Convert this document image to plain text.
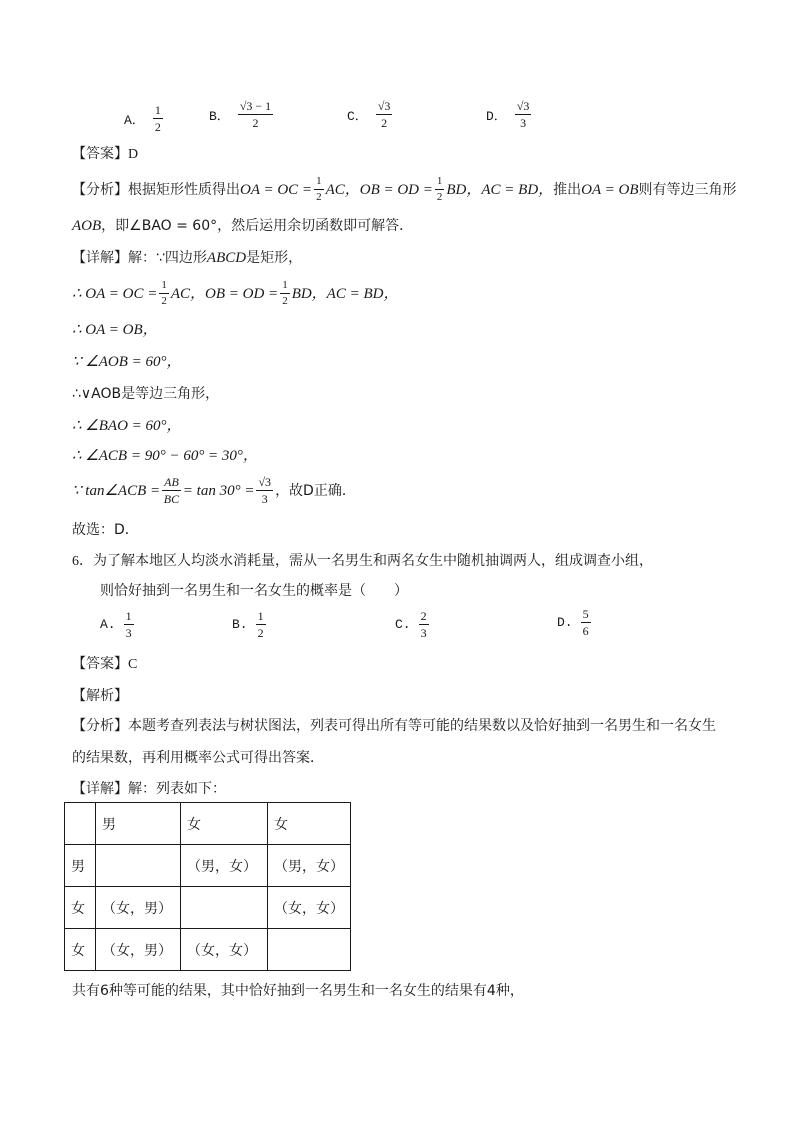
A． $\frac{1}{2}$	B． $\frac{√3 - 1}{2}$	C． $\frac{√3}{2}$	D． $\frac{√3}{3}$
【答案】D
【分析】 根据矩形性质得出 OA = OC = $\frac{1}{2}$ AC，OB = OD = $\frac{1}{2}$ BD，AC = BD， 推出 OA = OB 则有等边三角形
AOB，即∠BAO = 60°，然后运用余切函数即可解答．
【详解】解：∵四边形ABCD是矩形，
∴ OA = OC = $\frac{1}{2}$ AC，OB = OD = $\frac{1}{2}$ BD，AC = BD，
∴ OA = OB，
∵ ∠AOB = 60°，
∴∨AOB是等边三角形，
∴ ∠BAO = 60°，
∴ ∠ACB = 90° − 60° = 30°，
∵ tan∠ACB = $\frac{AB}{BC} = \tan 30^\circ = \frac{√3}{3}$ ，故D正确．
故选：D．
6．为了解本地区人均淡水消耗量，需从一名男生和两名女生中随机抽调两人，组成调查小组，
则恰好抽到一名男生和一名女生的概率是（　　）
A. $\frac{1}{3}$	B. $\frac{1}{2}$	C. $\frac{2}{3}$	D. $\frac{5}{6}$
【答案】C
【解析】
【分析】本题考查列表法与树状图法，列表可得出所有等可能的结果数以及恰好抽到一名男生和一名女生
的结果数，再利用概率公式可得出答案．
【详解】解：列表如下：
	男	女	女
男		（男，女）	（男，女）
女	（女，男）		（女，女）
女	（女，男）	（女，女）	
共有6种等可能的结果，其中恰好抽到一名男生和一名女生的结果有4种，
